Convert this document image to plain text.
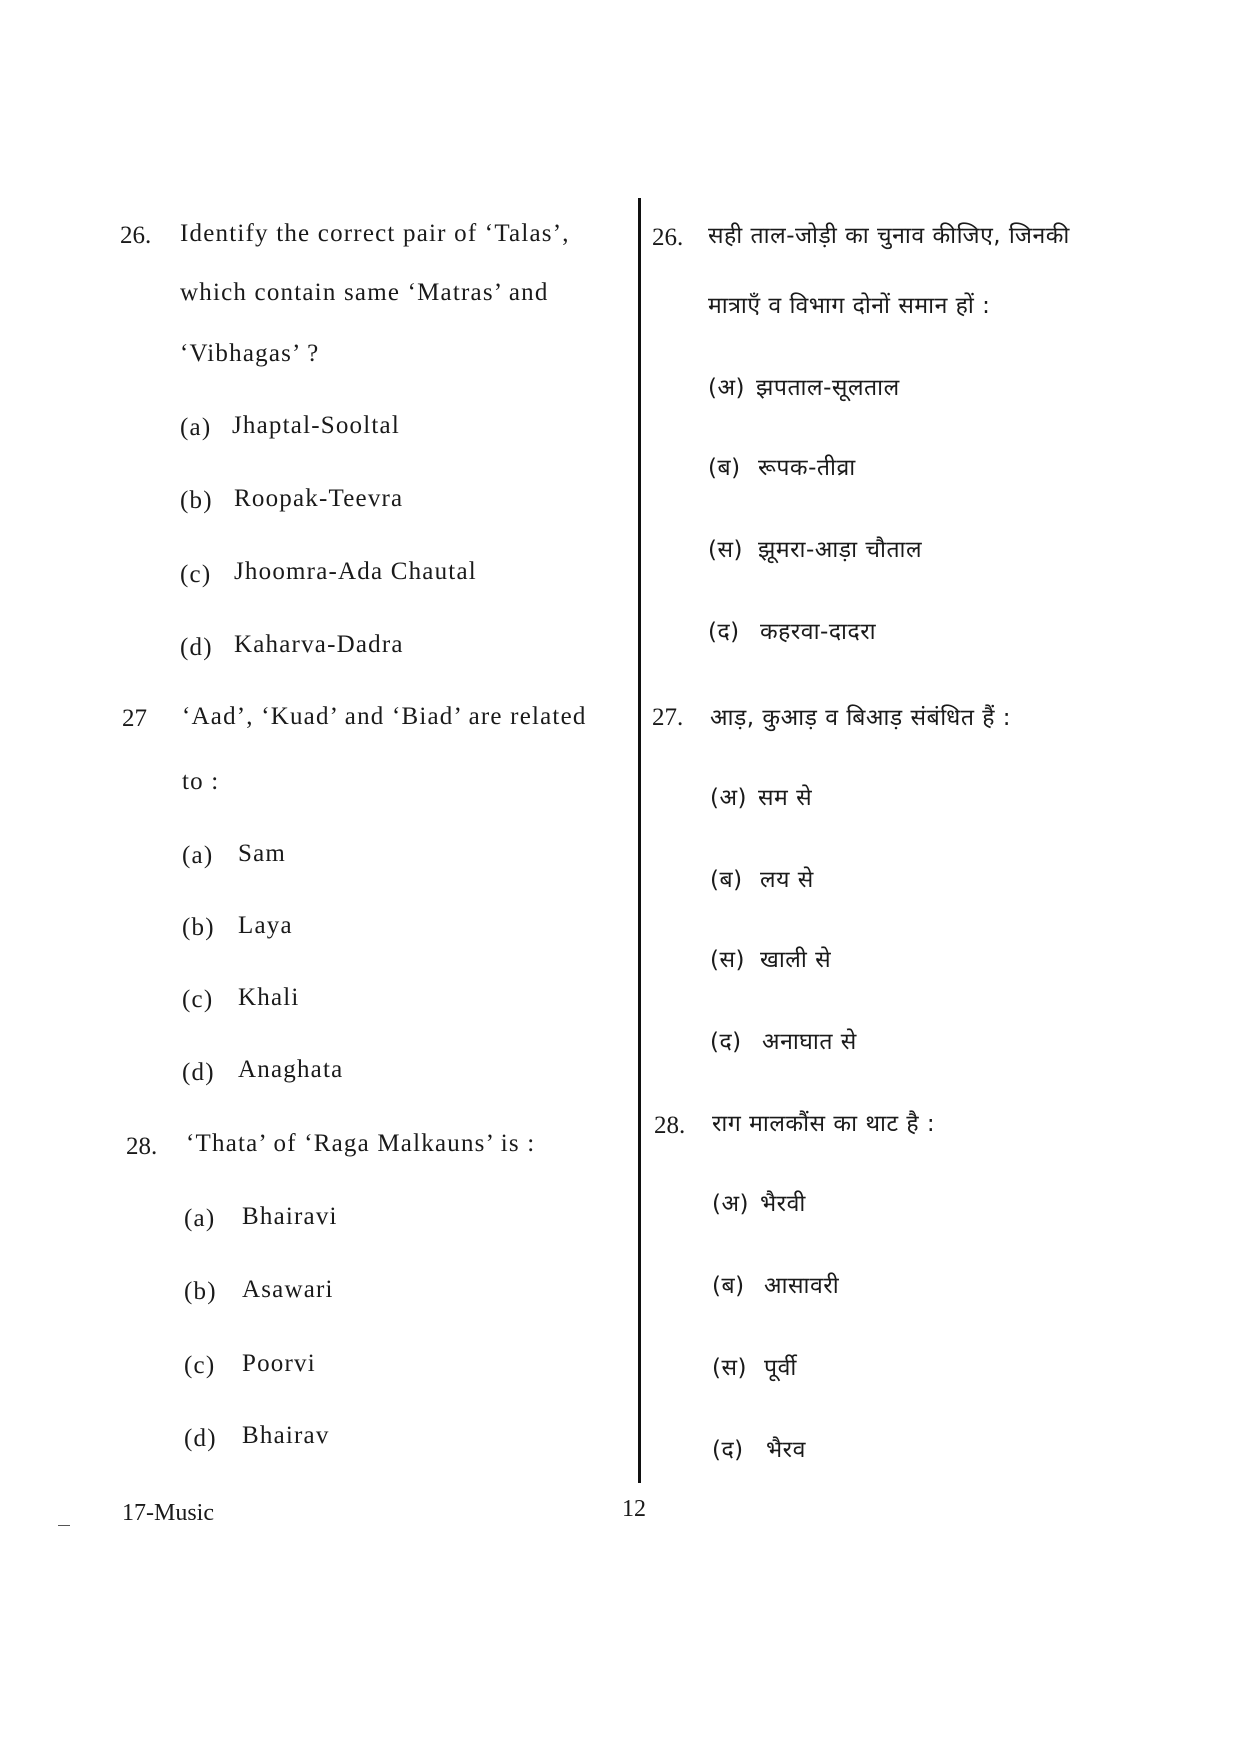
26. Identify the correct pair of ‘Talas’,
which contain same ‘Matras’ and
‘Vibhagas’ ?
(a) Jhaptal-Sooltal
(b) Roopak-Teevra
(c) Jhoomra-Ada Chautal
(d) Kaharva-Dadra
27 ‘Aad’, ‘Kuad’ and ‘Biad’ are related
to :
(a) Sam
(b) Laya
(c) Khali
(d) Anaghata
28. ‘Thata’ of ‘Raga Malkauns’ is :
(a) Bhairavi
(b) Asawari
(c) Poorvi
(d) Bhairav
26. सही ताल-जोड़ी का चुनाव कीजिए, जिनकी
मात्राएँ व विभाग दोनों समान हों :
(अ) झपताल-सूलताल
(ब) रूपक-तीव्रा
(स) झूमरा-आड़ा चौताल
(द) कहरवा-दादरा
27. आड़, कुआड़ व बिआड़ संबंधित हैं :
(अ) सम से
(ब) लय से
(स) खाली से
(द) अनाघात से
28. राग मालकौंस का थाट है :
(अ) भैरवी
(ब) आसावरी
(स) पूर्वी
(द) भैरव
17-Music	12
